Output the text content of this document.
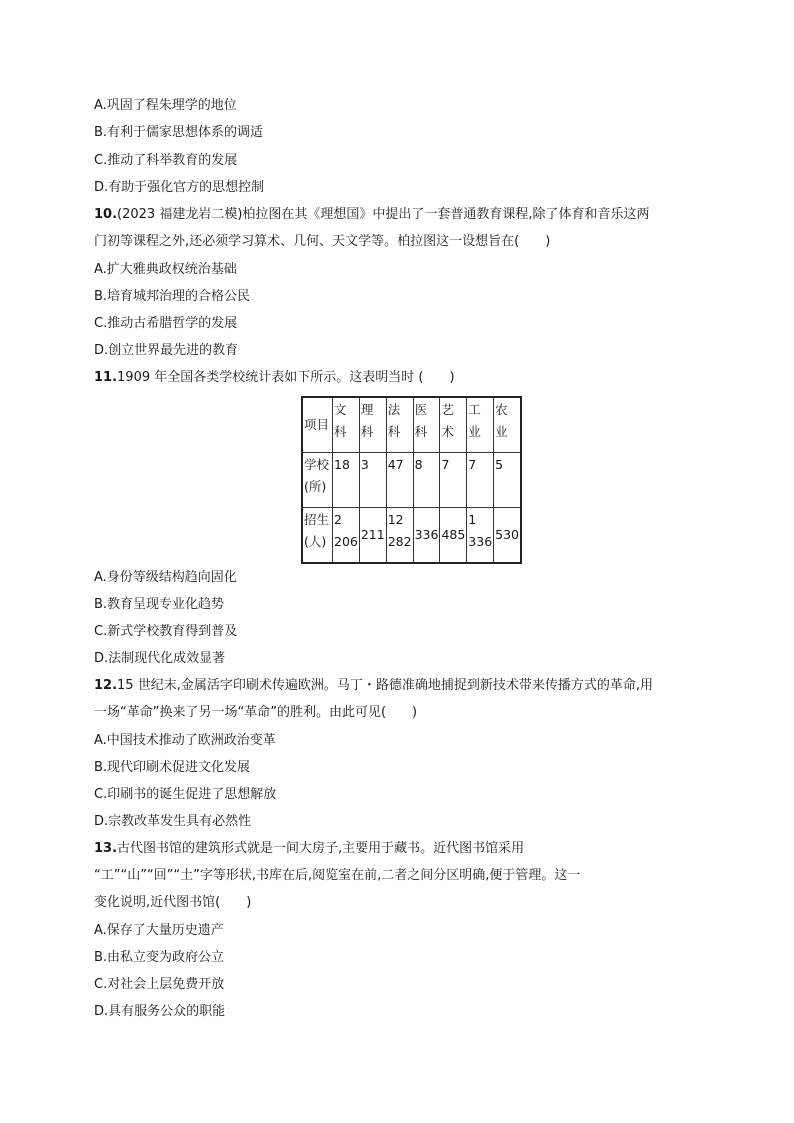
A.巩固了程朱理学的地位
B.有利于儒家思想体系的调适
C.推动了科举教育的发展
D.有助于强化官方的思想控制
10.(2023 福建龙岩二模)柏拉图在其《理想国》中提出了一套普通教育课程,除了体育和音乐这两
门初等课程之外,还必须学习算术、几何、天文学等。柏拉图这一设想旨在(　　)
A.扩大雅典政权统治基础
B.培育城邦治理的合格公民
C.推动古希腊哲学的发展
D.创立世界最先进的教育
11.1909 年全国各类学校统计表如下所示。这表明当时 (　　)
项目	文科	理科	法科	医科	艺术	工业	农业
学校(所)	18	3	47	8	7	7	5
招生(人)	2 206	211	12 282	336	485	1 336	530
A.身份等级结构趋向固化
B.教育呈现专业化趋势
C.新式学校教育得到普及
D.法制现代化成效显著
12.15 世纪末,金属活字印刷术传遍欧洲。马丁・路德准确地捕捉到新技术带来传播方式的革命,用
一场“革命”换来了另一场“革命”的胜利。由此可见(　　)
A.中国技术推动了欧洲政治变革
B.现代印刷术促进文化发展
C.印刷书的诞生促进了思想解放
D.宗教改革发生具有必然性
13.古代图书馆的建筑形式就是一间大房子,主要用于藏书。近代图书馆采用
“工”“山”“回”“土”字等形状,书库在后,阅览室在前,二者之间分区明确,便于管理。这一
变化说明,近代图书馆(　　)
A.保存了大量历史遗产
B.由私立变为政府公立
C.对社会上层免费开放
D.具有服务公众的职能
